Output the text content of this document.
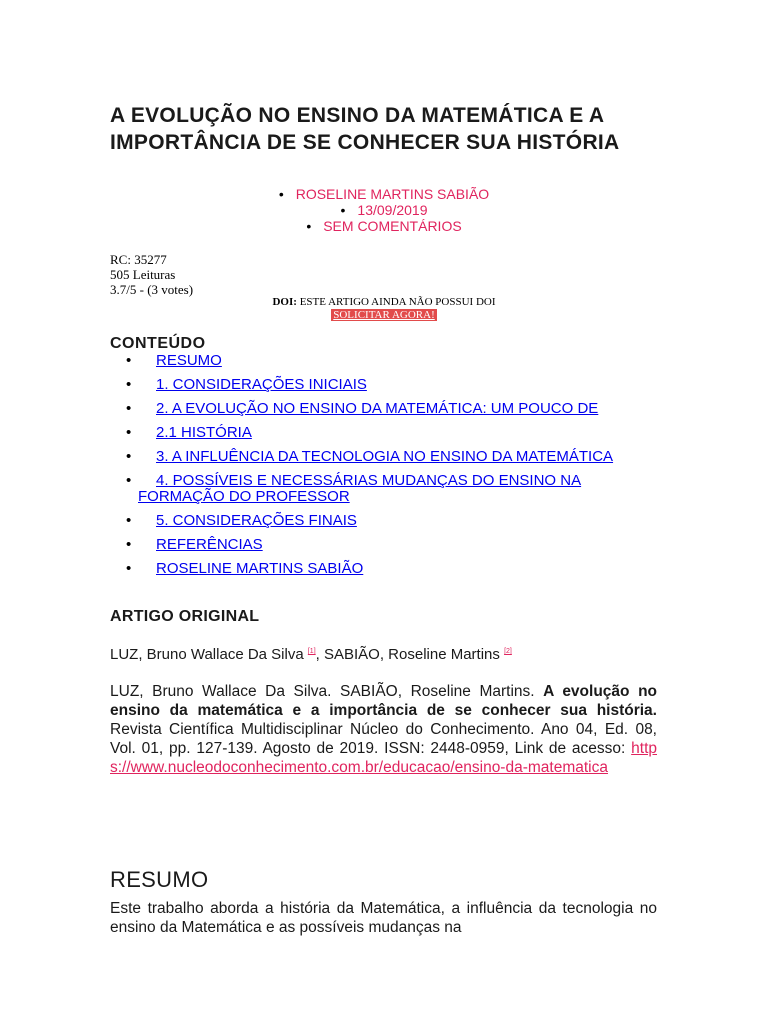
A EVOLUÇÃO NO ENSINO DA MATEMÁTICA E A IMPORTÂNCIA DE SE CONHECER SUA HISTÓRIA
• ROSELINE MARTINS SABIÃO
• 13/09/2019
• SEM COMENTÁRIOS
RC: 35277
505 Leituras
3.7/5 - (3 votes)
DOI: ESTE ARTIGO AINDA NÃO POSSUI DOI
SOLICITAR AGORA!
CONTEÚDO
• RESUMO
• 1. CONSIDERAÇÕES INICIAIS
• 2. A EVOLUÇÃO NO ENSINO DA MATEMÁTICA: UM POUCO DE
• 2.1 HISTÓRIA
• 3. A INFLUÊNCIA DA TECNOLOGIA NO ENSINO DA MATEMÁTICA
• 4. POSSÍVEIS E NECESSÁRIAS MUDANÇAS DO ENSINO NA FORMAÇÃO DO PROFESSOR
• 5. CONSIDERAÇÕES FINAIS
• REFERÊNCIAS
• ROSELINE MARTINS SABIÃO
ARTIGO ORIGINAL
LUZ, Bruno Wallace Da Silva [1], SABIÃO, Roseline Martins [2]
LUZ, Bruno Wallace Da Silva. SABIÃO, Roseline Martins. A evolução no ensino da matemática e a importância de se conhecer sua história. Revista Científica Multidisciplinar Núcleo do Conhecimento. Ano 04, Ed. 08, Vol. 01, pp. 127-139. Agosto de 2019. ISSN: 2448-0959, Link de acesso: https://www.nucleodoconhecimento.com.br/educacao/ensino-da-matematica
RESUMO

Este trabalho aborda a história da Matemática, a influência da tecnologia no ensino da Matemática e as possíveis mudanças na
